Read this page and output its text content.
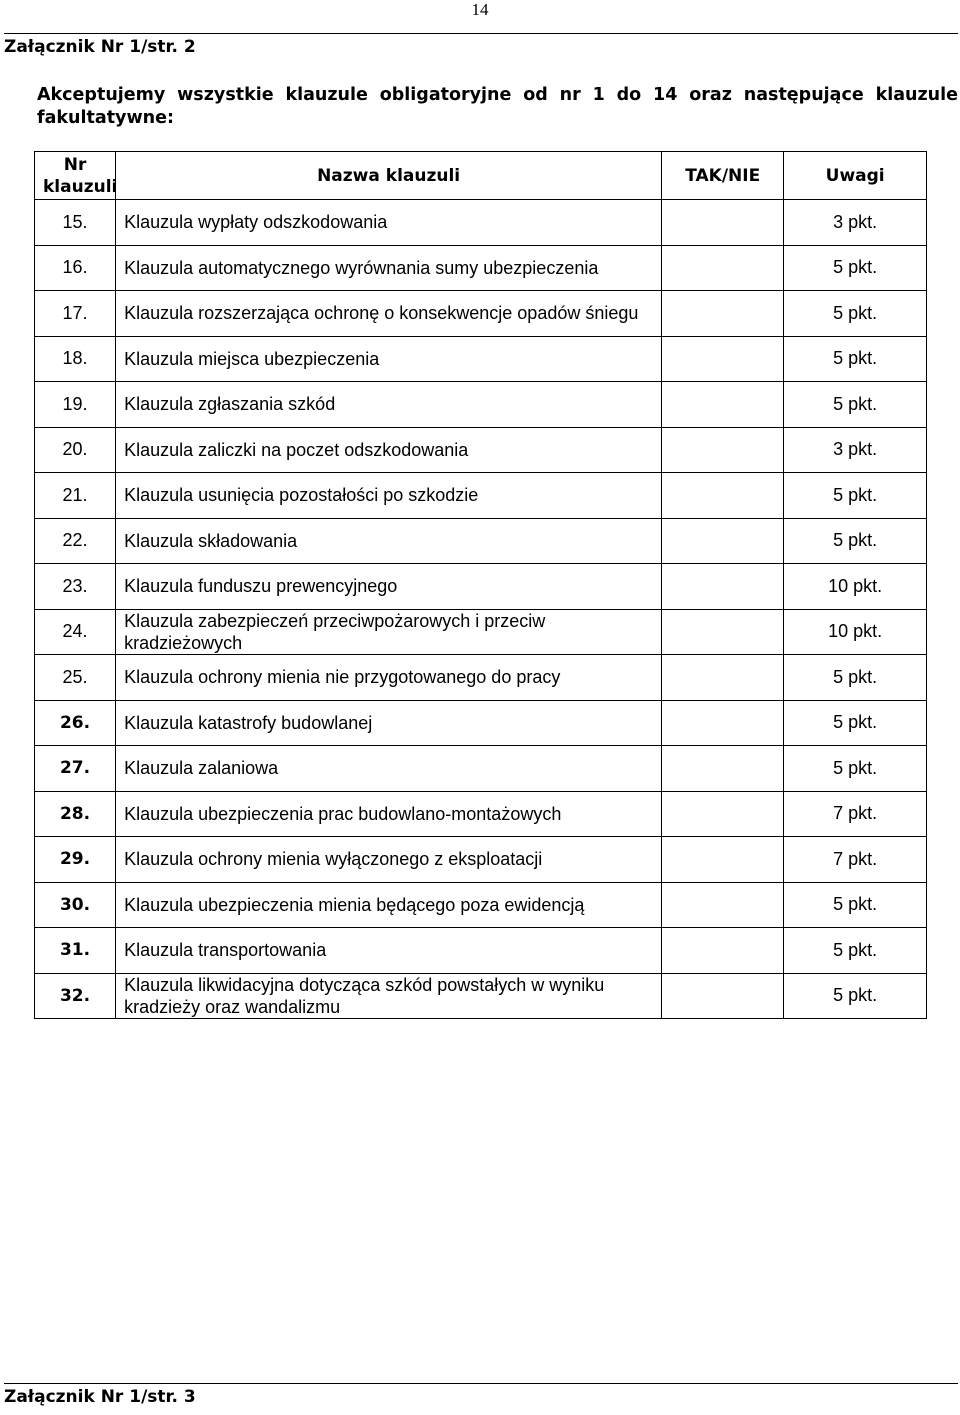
14
Załącznik Nr 1/str. 2
Akceptujemy wszystkie klauzule obligatoryjne od nr 1 do 14 oraz następujące klauzule fakultatywne:
Nr klauzuli	Nazwa klauzuli	TAK/NIE	Uwagi
15.	Klauzula wypłaty odszkodowania		3 pkt.
16.	Klauzula automatycznego wyrównania sumy ubezpieczenia		5 pkt.
17.	Klauzula rozszerzająca ochronę o konsekwencje opadów śniegu		5 pkt.
18.	Klauzula miejsca ubezpieczenia		5 pkt.
19.	Klauzula zgłaszania szkód		5 pkt.
20.	Klauzula zaliczki na poczet odszkodowania		3 pkt.
21.	Klauzula usunięcia pozostałości po szkodzie		5 pkt.
22.	Klauzula składowania		5 pkt.
23.	Klauzula funduszu prewencyjnego		10 pkt.
24.	Klauzula zabezpieczeń przeciwpożarowych i przeciw kradzieżowych		10 pkt.
25.	Klauzula ochrony mienia nie przygotowanego do pracy		5 pkt.
26.	Klauzula katastrofy budowlanej		5 pkt.
27.	Klauzula zalaniowa		5 pkt.
28.	Klauzula ubezpieczenia prac budowlano-montażowych		7 pkt.
29.	Klauzula ochrony mienia wyłączonego z eksploatacji		7 pkt.
30.	Klauzula ubezpieczenia mienia będącego poza ewidencją		5 pkt.
31.	Klauzula transportowania		5 pkt.
32.	Klauzula likwidacyjna dotycząca szkód powstałych w wyniku kradzieży oraz wandalizmu		5 pkt.
Załącznik Nr 1/str. 3
